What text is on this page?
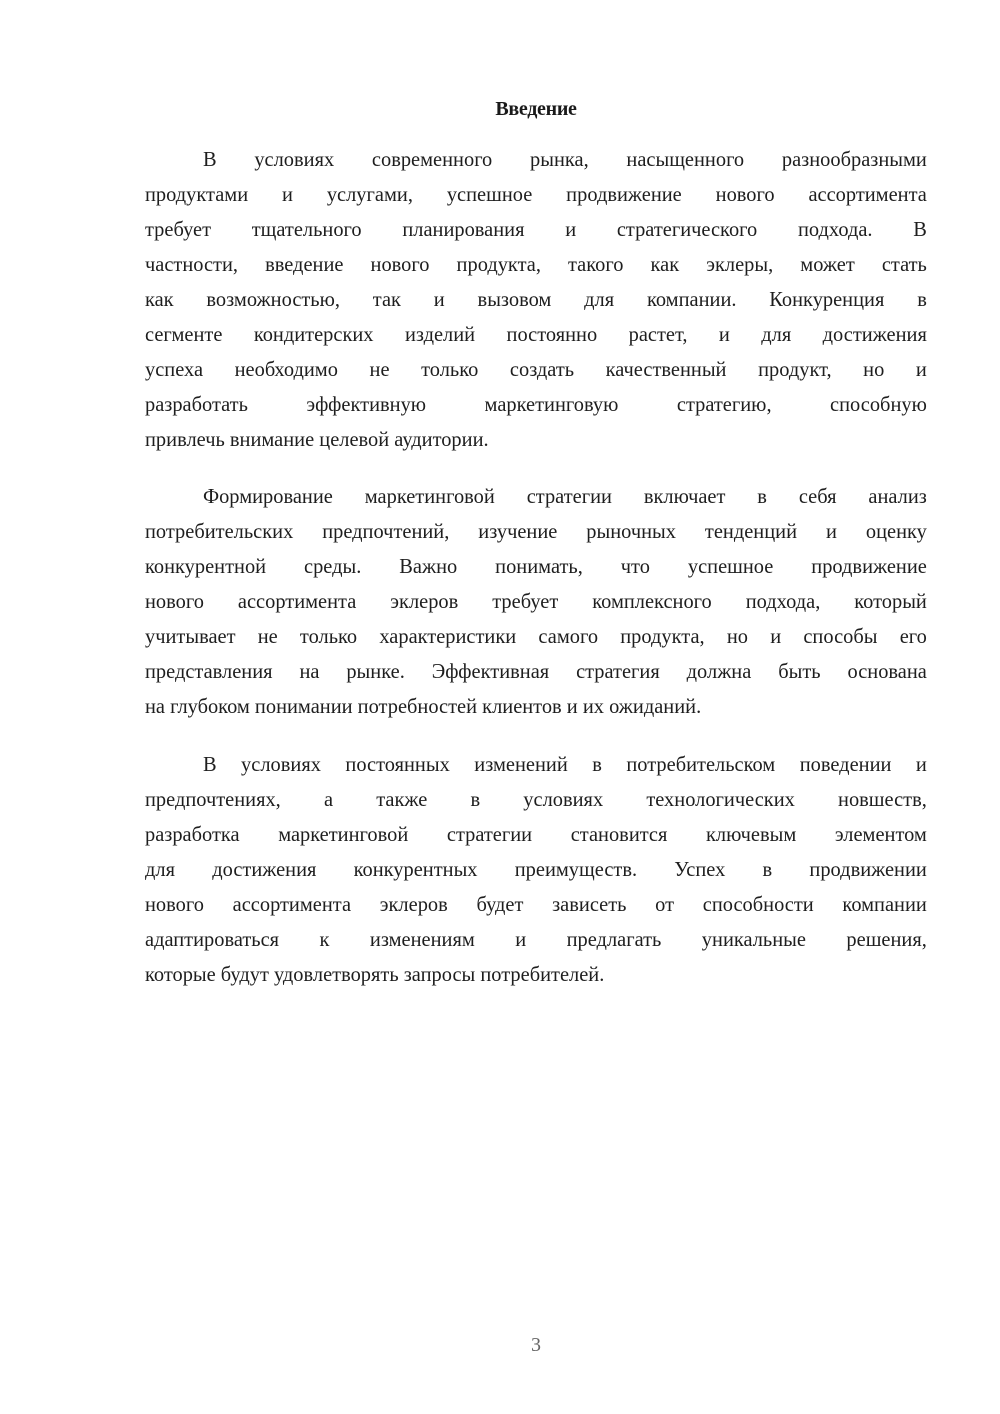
Введение
В условиях современного рынка, насыщенного разнообразными
продуктами и услугами, успешное продвижение нового ассортимента
требует тщательного планирования и стратегического подхода. В
частности, введение нового продукта, такого как эклеры, может стать
как возможностью, так и вызовом для компании. Конкуренция в
сегменте кондитерских изделий постоянно растет, и для достижения
успеха необходимо не только создать качественный продукт, но и
разработать эффективную маркетинговую стратегию, способную
привлечь внимание целевой аудитории.
Формирование маркетинговой стратегии включает в себя анализ
потребительских предпочтений, изучение рыночных тенденций и оценку
конкурентной среды. Важно понимать, что успешное продвижение
нового ассортимента эклеров требует комплексного подхода, который
учитывает не только характеристики самого продукта, но и способы его
представления на рынке. Эффективная стратегия должна быть основана
на глубоком понимании потребностей клиентов и их ожиданий.
В условиях постоянных изменений в потребительском поведении и
предпочтениях, а также в условиях технологических новшеств,
разработка маркетинговой стратегии становится ключевым элементом
для достижения конкурентных преимуществ. Успех в продвижении
нового ассортимента эклеров будет зависеть от способности компании
адаптироваться к изменениям и предлагать уникальные решения,
которые будут удовлетворять запросы потребителей.
3
